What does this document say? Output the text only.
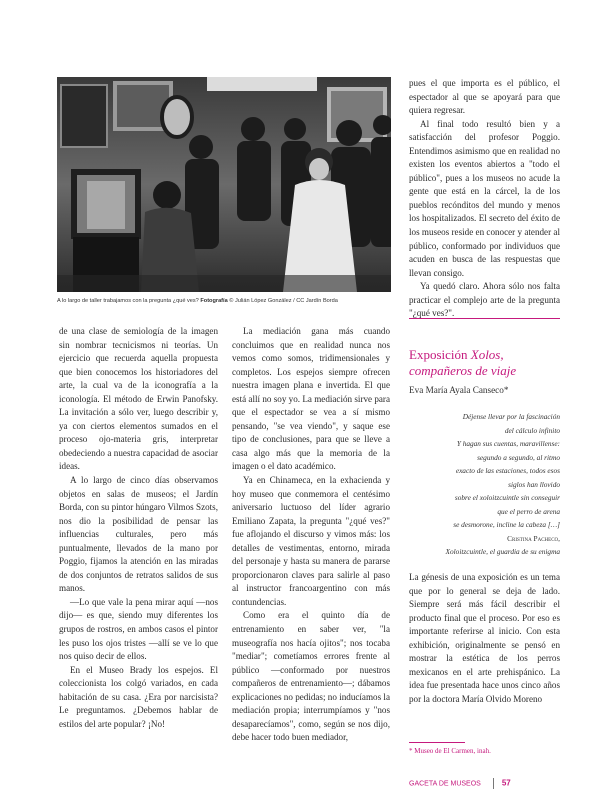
A lo largo de taller trabajamos con la pregunta ¿qué ves? Fotografía © Julián López González / CC Jardín Borda

de una clase de semiología de la imagen sin nombrar tecnicismos ni teorías. Un ejercicio que recuerda aquella propuesta que bien conocemos los historiadores del arte, la cual va de la iconografía a la iconología. El método de Erwin Panofsky. La invitación a sólo ver, luego describir y, ya con ciertos elementos sumados en el proceso ojo-materia gris, interpretar obedeciendo a nuestra capacidad de asociar ideas.

A lo largo de cinco días observamos objetos en salas de museos; el Jardín Borda, con su pintor húngaro Vilmos Szots, nos dio la posibilidad de pensar las influencias culturales, pero más puntualmente, llevados de la mano por Poggio, fijamos la atención en las miradas de dos conjuntos de retratos salidos de sus manos.

—Lo que vale la pena mirar aquí —nos dijo— es que, siendo muy diferentes los grupos de rostros, en ambos casos el pintor les puso los ojos tristes —allí se ve lo que nos quiso decir de ellos.

En el Museo Brady los espejos. El coleccionista los colgó variados, en cada habitación de su casa. ¿Era por narcisista? Le preguntamos. ¿Debemos hablar de estilos del arte popular? ¡No!

La mediación gana más cuando concluimos que en realidad nunca nos vemos como somos, tridimensionales y completos. Los espejos siempre ofrecen nuestra imagen plana e invertida. El que está allí no soy yo. La mediación sirve para que el espectador se vea a sí mismo pensando, "se vea viendo", y saque ese tipo de conclusiones, para que se lleve a casa algo más que la memoria de la imagen o el dato académico.

Ya en Chinameca, en la exhacienda y hoy museo que conmemora el centésimo aniversario luctuoso del líder agrario Emiliano Zapata, la pregunta "¿qué ves?" fue aflojando el discurso y vimos más: los detalles de vestimentas, entorno, mirada del personaje y hasta su manera de pararse proporcionaron claves para salirle al paso al instructor francoargentino con más contundencias.

Como era el quinto día de entrenamiento en saber ver, "la museografía nos hacía ojitos"; nos tocaba "mediar"; cometíamos errores frente al público —conformado por nuestros compañeros de entrenamiento—; dábamos explicaciones no pedidas; no inducíamos la mediación propia; interrumpíamos y "nos desaparecíamos", como, según se nos dijo, debe hacer todo buen mediador,

pues el que importa es el público, el espectador al que se apoyará para que quiera regresar.

Al final todo resultó bien y a satisfacción del profesor Poggio. Entendimos asimismo que en realidad no existen los eventos abiertos a "todo el público", pues a los museos no acude la gente que está en la cárcel, la de los pueblos recónditos del mundo y menos los hospitalizados. El secreto del éxito de los museos reside en conocer y atender al público, conformado por individuos que acuden en busca de las respuestas que llevan consigo.

Ya quedó claro. Ahora sólo nos falta practicar el complejo arte de la pregunta "¿qué ves?".

Exposición Xolos, compañeros de viaje
Eva María Ayala Canseco*
Déjense llevar por la fascinación
del cálculo infinito
Y hagan sus cuentas, maravillense:
segundo a segundo, al ritmo
exacto de las estaciones, todos esos
siglos han llovido
sobre el xoloitzcuintle sin conseguir
que el perro de arena
se desmorone, incline la cabeza […]
Cristina Pacheco,
Xoloitzcuintle, el guardia de su enigma

La génesis de una exposición es un tema que por lo general se deja de lado. Siempre será más fácil describir el producto final que el proceso. Por eso es importante referirse al inicio. Con esta exhibición, originalmente se pensó en mostrar la estética de los perros mexicanos en el arte prehispánico. La idea fue presentada hace unos cinco años por la doctora María Olvido Moreno

* Museo de El Carmen, inah.
GACETA DE MUSEOS	57
